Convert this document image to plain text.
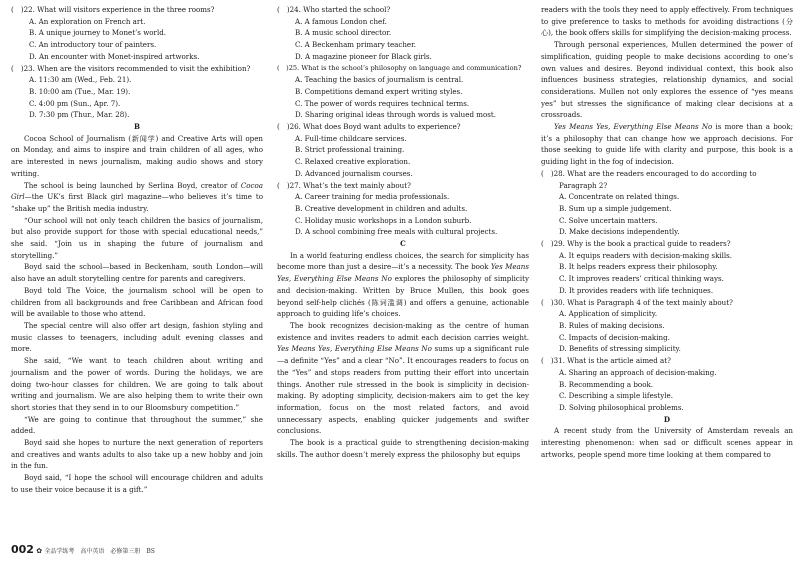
(　)22. What will visitors experience in the three rooms?
A. An exploration on French art.
B. A unique journey to Monet’s world.
C. An introductory tour of painters.
D. An encounter with Monet-inspired artworks.
(　)23. When are the visitors recommended to visit the exhibition?
A. 11:30 am (Wed., Feb. 21).
B. 10:00 am (Tue., Mar. 19).
C. 4:00 pm (Sun., Apr. 7).
D. 7:30 pm (Thur., Mar. 28).
B

Cocoa School of Journalism (新闻学) and Creative Arts will open on Monday, and aims to inspire and train children of all ages, who are interested in news journalism, making audio shows and story writing.

The school is being launched by Serlina Boyd, creator of Cocoa Girl—the UK’s first Black girl magazine—who believes it’s time to “shake up” the British media industry.

“Our school will not only teach children the basics of journalism, but also provide support for those with special educational needs,” she said. “Join us in shaping the future of journalism and storytelling.”

Boyd said the school—based in Beckenham, south London—will also have an adult storytelling centre for parents and caregivers.

Boyd told The Voice, the journalism school will be open to children from all backgrounds and free Caribbean and African food will be available to those who attend.

The special centre will also offer art design, fashion styling and music classes to teenagers, including adult evening classes and more.

She said, “We want to teach children about writing and journalism and the power of words. During the holidays, we are doing two-hour classes for children. We are going to talk about writing and journalism. We are also helping them to write their own short stories that they send in to our Bloomsbury competition.”

“We are going to continue that throughout the summer,” she added.

Boyd said she hopes to nurture the next generation of reporters and creatives and wants adults to also take up a new hobby and join in the fun.

Boyd said, “I hope the school will encourage children and adults to use their voice because it is a gift.”

(　)24. Who started the school?
A. A famous London chef.
B. A music school director.
C. A Beckenham primary teacher.
D. A magazine pioneer for Black girls.
(　)25. What is the school’s philosophy on language and communication?
A. Teaching the basics of journalism is central.
B. Competitions demand expert writing styles.
C. The power of words requires technical terms.
D. Sharing original ideas through words is valued most.
(　)26. What does Boyd want adults to experience?
A. Full-time childcare services.
B. Strict professional training.
C. Relaxed creative exploration.
D. Advanced journalism courses.
(　)27. What’s the text mainly about?
A. Career training for media professionals.
B. Creative development in children and adults.
C. Holiday music workshops in a London suburb.
D. A school combining free meals with cultural projects.
C

In a world featuring endless choices, the search for simplicity has become more than just a desire—it’s a necessity. The book Yes Means Yes, Everything Else Means No explores the philosophy of simplicity and decision-making. Written by Bruce Mullen, this book goes beyond self-help clichés (陈词滥调) and offers a genuine, actionable approach to guiding life’s choices.

The book recognizes decision-making as the centre of human existence and invites readers to admit each decision carries weight. Yes Means Yes, Everything Else Means No sums up a significant rule—a definite “Yes” and a clear “No”. It encourages readers to focus on the “Yes” and stops readers from putting their effort into uncertain things. Another rule stressed in the book is simplicity in decision-making. By adopting simplicity, decision-makers aim to get the key information, focus on the most related factors, and avoid unnecessary aspects, enabling quicker judgements and swifter conclusions.

The book is a practical guide to strengthening decision-making skills. The author doesn’t merely express the philosophy but equips

readers with the tools they need to apply effectively. From techniques to give preference to tasks to methods for avoiding distractions (分心), the book offers skills for simplifying the decision-making process.

Through personal experiences, Mullen determined the power of simplification, guiding people to make decisions according to one’s own values and desires. Beyond individual context, this book also influences business strategies, relationship dynamics, and social considerations. Mullen not only explores the essence of “yes means yes” but stresses the significance of making clear decisions at a crossroads.

Yes Means Yes, Everything Else Means No is more than a book; it’s a philosophy that can change how we approach decisions. For those seeking to guide life with clarity and purpose, this book is a guiding light in the fog of indecision.

(　)28. What are the readers encouraged to do according to
Paragraph 2?
A. Concentrate on related things.
B. Sum up a simple judgement.
C. Solve uncertain matters.
D. Make decisions independently.
(　)29. Why is the book a practical guide to readers?
A. It equips readers with decision-making skills.
B. It helps readers express their philosophy.
C. It improves readers’ critical thinking ways.
D. It provides readers with life techniques.
(　)30. What is Paragraph 4 of the text mainly about?
A. Application of simplicity.
B. Rules of making decisions.
C. Impacts of decision-making.
D. Benefits of stressing simplicity.
(　)31. What is the article aimed at?
A. Sharing an approach of decision-making.
B. Recommending a book.
C. Describing a simple lifestyle.
D. Solving philosophical problems.
D

A recent study from the University of Amsterdam reveals an interesting phenomenon: when sad or difficult scenes appear in artworks, people spend more time looking at them compared to

002 ✿ 全品学练考　高中英语　必修第三册　BS
